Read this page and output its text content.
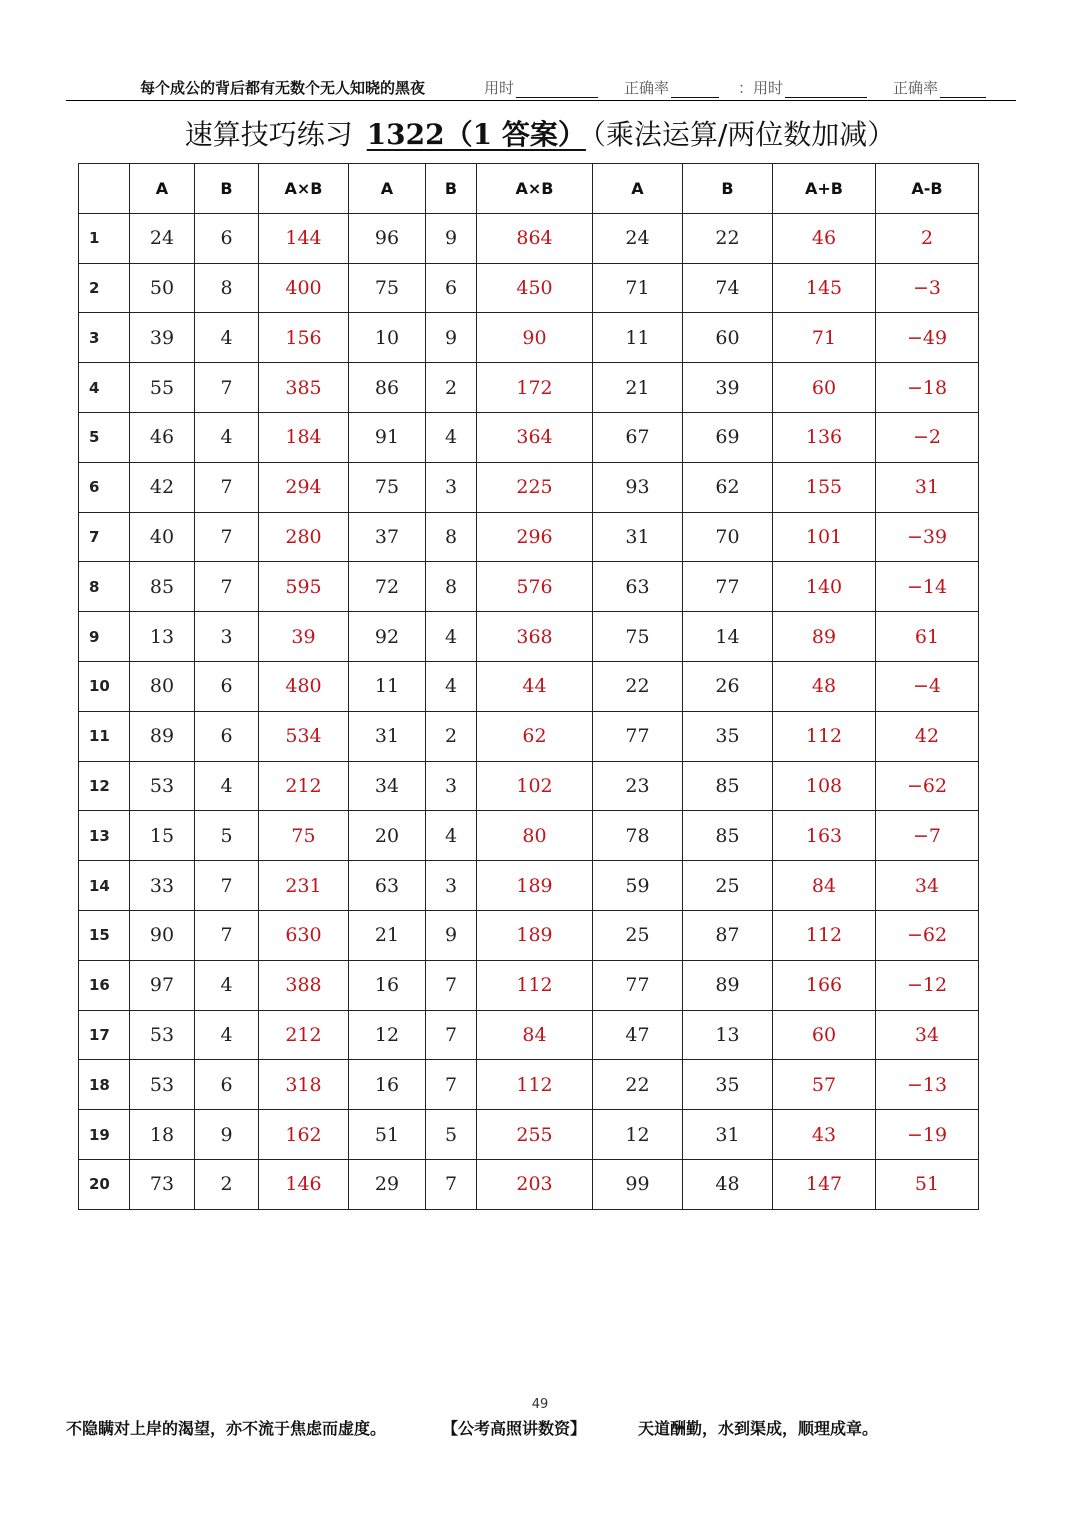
每个成公的背后都有无数个无人知晓的黑夜	用时	正确率	：用时	正确率
速算技巧练习 1322（1 答案） （乘法运算/两位数加减）
	A	B	A×B	A	B	A×B	A	B	A+B	A-B
1	24	6	144	96	9	864	24	22	46	2
2	50	8	400	75	6	450	71	74	145	−3
3	39	4	156	10	9	90	11	60	71	−49
4	55	7	385	86	2	172	21	39	60	−18
5	46	4	184	91	4	364	67	69	136	−2
6	42	7	294	75	3	225	93	62	155	31
7	40	7	280	37	8	296	31	70	101	−39
8	85	7	595	72	8	576	63	77	140	−14
9	13	3	39	92	4	368	75	14	89	61
10	80	6	480	11	4	44	22	26	48	−4
11	89	6	534	31	2	62	77	35	112	42
12	53	4	212	34	3	102	23	85	108	−62
13	15	5	75	20	4	80	78	85	163	−7
14	33	7	231	63	3	189	59	25	84	34
15	90	7	630	21	9	189	25	87	112	−62
16	97	4	388	16	7	112	77	89	166	−12
17	53	4	212	12	7	84	47	13	60	34
18	53	6	318	16	7	112	22	35	57	−13
19	18	9	162	51	5	255	12	31	43	−19
20	73	2	146	29	7	203	99	48	147	51
49
不隐瞒对上岸的渴望，亦不流于焦虑而虚度。	【公考高照讲数资】	天道酬勤，水到渠成，顺理成章。
